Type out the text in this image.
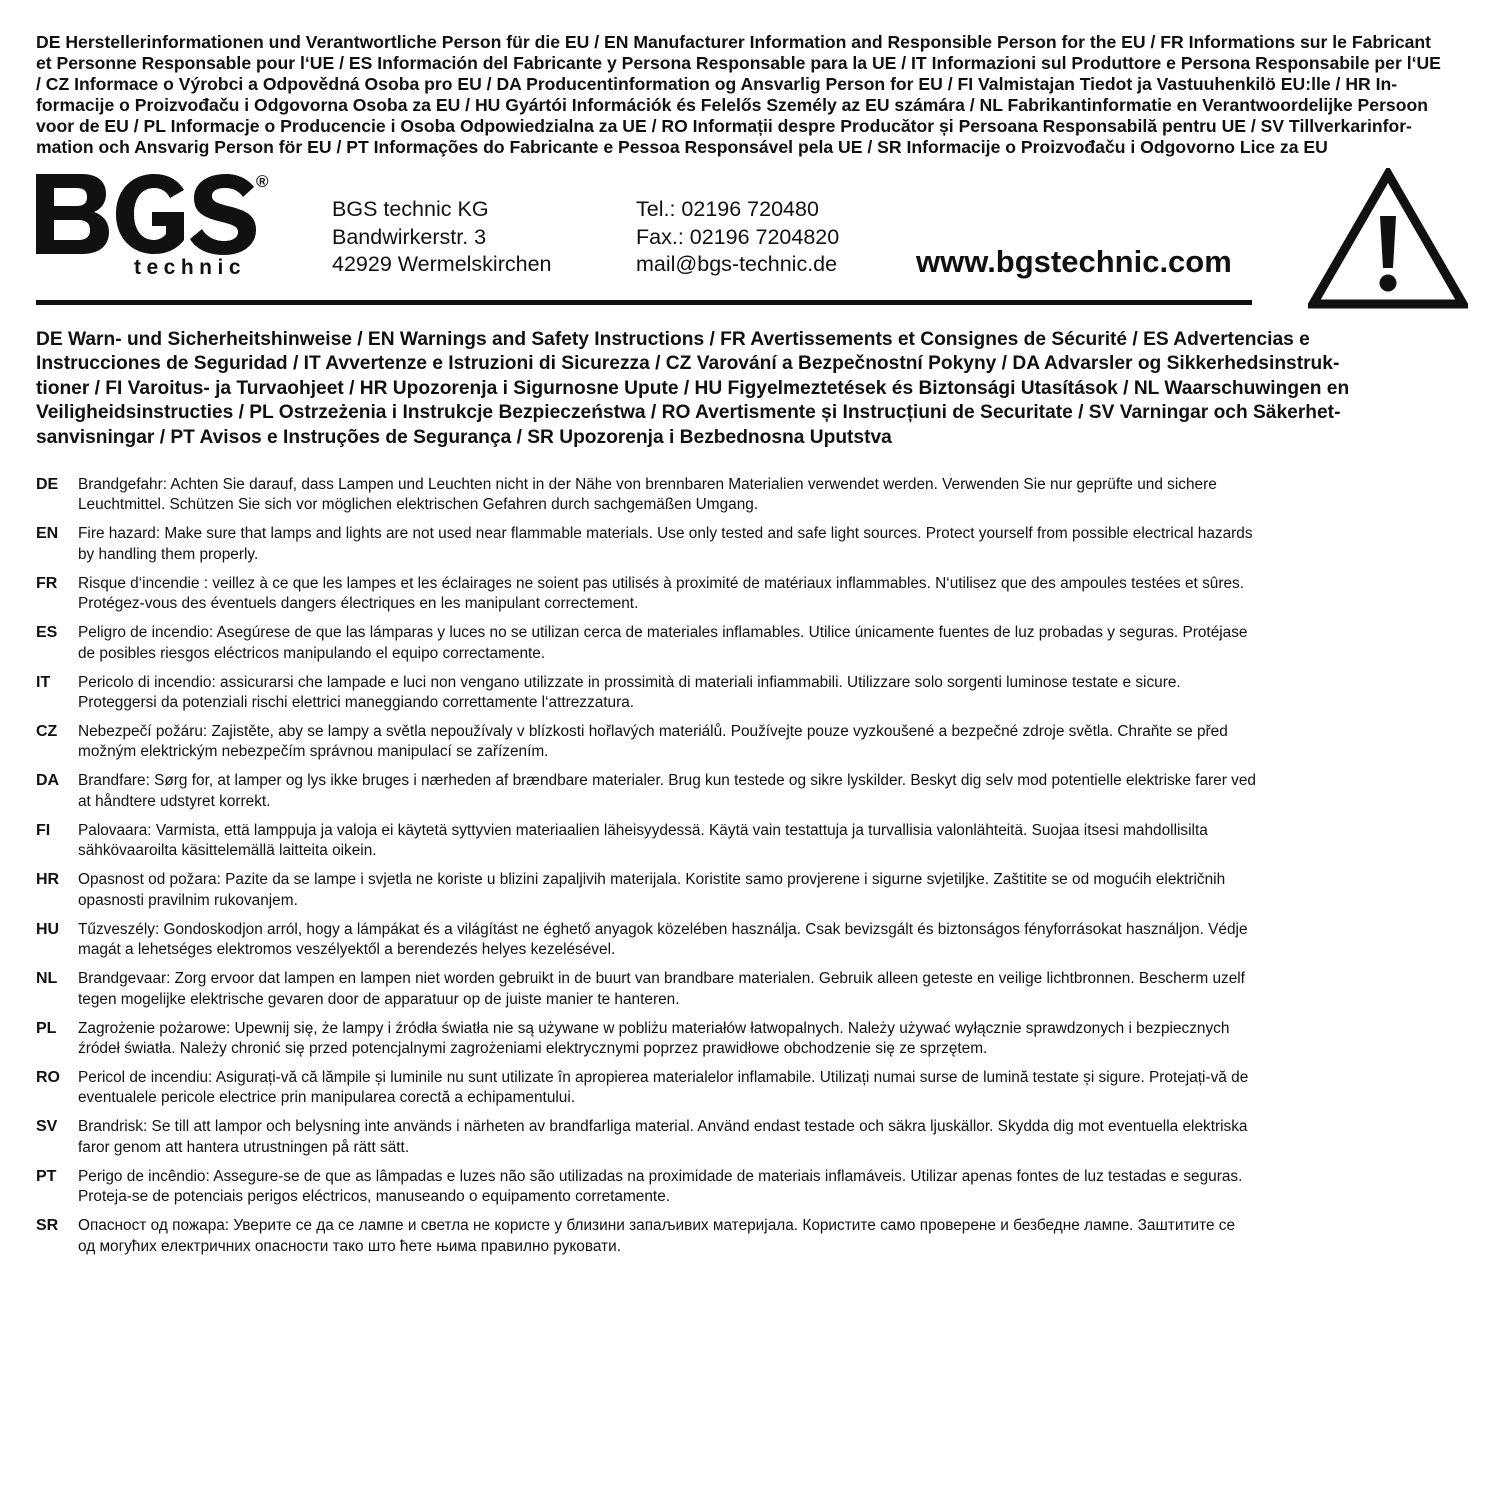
DE Herstellerinformationen und Verantwortliche Person für die EU / EN Manufacturer Information and Responsible Person for the EU / FR Informations sur le Fabricant
et Personne Responsable pour l‘UE / ES Información del Fabricante y Persona Responsable para la UE / IT Informazioni sul Produttore e Persona Responsabile per l‘UE
/ CZ Informace o Výrobci a Odpovědná Osoba pro EU / DA Producentinformation og Ansvarlig Person for EU / FI Valmistajan Tiedot ja Vastuuhenkilö EU:lle / HR In-
formacije o Proizvođaču i Odgovorna Osoba za EU / HU Gyártói Információk és Felelős Személy az EU számára / NL Fabrikantinformatie en Verantwoordelijke Persoon
voor de EU / PL Informacje o Producencie i Osoba Odpowiedzialna za UE / RO Informații despre Producător și Persoana Responsabilă pentru UE / SV Tillverkarinfor-
mation och Ansvarig Person för EU / PT Informações do Fabricante e Pessoa Responsável pela UE / SR Informacije o Proizvođaču i Odgovorno Lice za EU

®
technic
BGS technic KG
Bandwirkerstr. 3
42929 Wermelskirchen
Tel.: 02196 720480
Fax.: 02196 7204820
mail@bgs-technic.de	www.bgstechnic.com

DE Warn- und Sicherheitshinweise / EN Warnings and Safety Instructions / FR Avertissements et Consignes de Sécurité / ES Advertencias e
Instrucciones de Seguridad / IT Avvertenze e Istruzioni di Sicurezza / CZ Varování a Bezpečnostní Pokyny / DA Advarsler og Sikkerhedsinstruk-
tioner / FI Varoitus- ja Turvaohjeet / HR Upozorenja i Sigurnosne Upute / HU Figyelmeztetések és Biztonsági Utasítások / NL Waarschuwingen en
Veiligheidsinstructies / PL Ostrzeżenia i Instrukcje Bezpieczeństwa / RO Avertismente și Instrucțiuni de Securitate / SV Varningar och Säkerhet-
sanvisningar / PT Avisos e Instruções de Segurança / SR Upozorenja i Bezbednosna Uputstva

DE	Brandgefahr: Achten Sie darauf, dass Lampen und Leuchten nicht in der Nähe von brennbaren Materialien verwendet werden. Verwenden Sie nur geprüfte und sichere
Leuchtmittel. Schützen Sie sich vor möglichen elektrischen Gefahren durch sachgemäßen Umgang.
EN	Fire hazard: Make sure that lamps and lights are not used near flammable materials. Use only tested and safe light sources. Protect yourself from possible electrical hazards
by handling them properly.
FR	Risque d‘incendie : veillez à ce que les lampes et les éclairages ne soient pas utilisés à proximité de matériaux inflammables. N‘utilisez que des ampoules testées et sûres.
Protégez-vous des éventuels dangers électriques en les manipulant correctement.
ES	Peligro de incendio: Asegúrese de que las lámparas y luces no se utilizan cerca de materiales inflamables. Utilice únicamente fuentes de luz probadas y seguras. Protéjase
de posibles riesgos eléctricos manipulando el equipo correctamente.
IT	Pericolo di incendio: assicurarsi che lampade e luci non vengano utilizzate in prossimità di materiali infiammabili. Utilizzare solo sorgenti luminose testate e sicure.
Proteggersi da potenziali rischi elettrici maneggiando correttamente l‘attrezzatura.
CZ	Nebezpečí požáru: Zajistěte, aby se lampy a světla nepoužívaly v blízkosti hořlavých materiálů. Používejte pouze vyzkoušené a bezpečné zdroje světla. Chraňte se před
možným elektrickým nebezpečím správnou manipulací se zařízením.
DA	Brandfare: Sørg for, at lamper og lys ikke bruges i nærheden af brændbare materialer. Brug kun testede og sikre lyskilder. Beskyt dig selv mod potentielle elektriske farer ved
at håndtere udstyret korrekt.
FI	Palovaara: Varmista, että lamppuja ja valoja ei käytetä syttyvien materiaalien läheisyydessä. Käytä vain testattuja ja turvallisia valonlähteitä. Suojaa itsesi mahdollisilta
sähkövaaroilta käsittelemällä laitteita oikein.
HR	Opasnost od požara: Pazite da se lampe i svjetla ne koriste u blizini zapaljivih materijala. Koristite samo provjerene i sigurne svjetiljke. Zaštitite se od mogućih električnih
opasnosti pravilnim rukovanjem.
HU	Tűzveszély: Gondoskodjon arról, hogy a lámpákat és a világítást ne éghető anyagok közelében használja. Csak bevizsgált és biztonságos fényforrásokat használjon. Védje
magát a lehetséges elektromos veszélyektől a berendezés helyes kezelésével.
NL	Brandgevaar: Zorg ervoor dat lampen en lampen niet worden gebruikt in de buurt van brandbare materialen. Gebruik alleen geteste en veilige lichtbronnen. Bescherm uzelf
tegen mogelijke elektrische gevaren door de apparatuur op de juiste manier te hanteren.
PL	Zagrożenie pożarowe: Upewnij się, że lampy i źródła światła nie są używane w pobliżu materiałów łatwopalnych. Należy używać wyłącznie sprawdzonych i bezpiecznych
źródeł światła. Należy chronić się przed potencjalnymi zagrożeniami elektrycznymi poprzez prawidłowe obchodzenie się ze sprzętem.
RO	Pericol de incendiu: Asigurați-vă că lămpile și luminile nu sunt utilizate în apropierea materialelor inflamabile. Utilizați numai surse de lumină testate și sigure. Protejați-vă de
eventualele pericole electrice prin manipularea corectă a echipamentului.
SV	Brandrisk: Se till att lampor och belysning inte används i närheten av brandfarliga material. Använd endast testade och säkra ljuskällor. Skydda dig mot eventuella elektriska
faror genom att hantera utrustningen på rätt sätt.
PT	Perigo de incêndio: Assegure-se de que as lâmpadas e luzes não são utilizadas na proximidade de materiais inflamáveis. Utilizar apenas fontes de luz testadas e seguras.
Proteja-se de potenciais perigos eléctricos, manuseando o equipamento corretamente.
SR	Опасност од пожара: Уверите се да се лампе и светла не користе у близини запаљивих материјала. Користите само проверене и безбедне лампе. Заштитите се
од могућих електричних опасности тако што ћете њима правилно руковати.
